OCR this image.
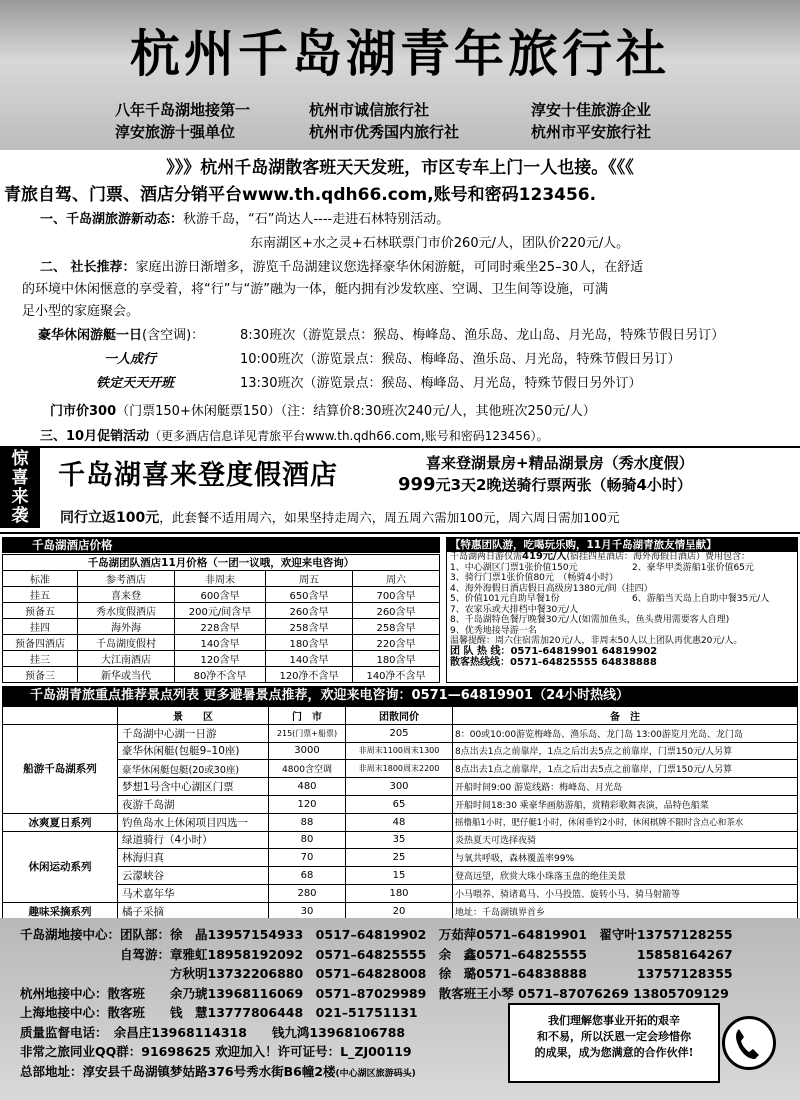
杭州千岛湖青年旅行社
八年千岛湖地接第一	杭州市诚信旅行社	淳安十佳旅游企业
淳安旅游十强单位	杭州市优秀国内旅行社	杭州市平安旅行社
》》》杭州千岛湖散客班天天发班，市区专车上门一人也接。《《《
青旅自驾、门票、酒店分销平台www.th.qdh66.com,账号和密码123456.
一、千岛湖旅游新动态：秋游千岛，“石”尚达人----走进石林特别活动。
东南湖区+水之灵+石林联票门市价260元/人，团队价220元/人。
二、 社长推荐：家庭出游日渐增多，游览千岛湖建议您选择豪华休闲游艇，可同时乘坐25–30人，在舒适
的环境中休闲惬意的享受着，将“行”与“游”融为一体，艇内拥有沙发软座、空调、卫生间等设施，可满
足小型的家庭聚会。
豪华休闲游艇一日(含空调)：	8:30班次（游览景点：猴岛、梅峰岛、渔乐岛、龙山岛、月光岛，特殊节假日另订）
一人成行	10:00班次（游览景点：猴岛、梅峰岛、渔乐岛、月光岛，特殊节假日另订）
铁定天天开班	13:30班次（游览景点：猴岛、梅峰岛、月光岛，特殊节假日另外订）
门市价300（门票150+休闲艇票150）（注：结算价8:30班次240元/人，其他班次250元/人）
三、10月促销活动（更多酒店信息详见青旅平台www.th.qdh66.com,账号和密码123456）。
惊
喜
来
袭
千岛湖喜来登度假酒店	喜来登湖景房+精品湖景房（秀水度假）
999元3天2晚送骑行票两张（畅骑4小时）
同行立返100元，此套餐不适用周六，如果坚持走周六，周五周六需加100元，周六周日需加100元
千岛湖酒店价格
千岛湖团队酒店11月价格（一团一议哦，欢迎来电咨询）				
标准	参考酒店	非周末	周五	周六
挂五	喜来登	600含早	650含早	700含早
预备五	秀水度假酒店	200元/间含早	260含早	260含早
挂四	海外海	228含早	258含早	258含早
预备四酒店	千岛湖度假村	140含早	180含早	220含早
挂三	大江南酒店	120含早	140含早	180含早
预备三	新华或当代	80净不含早	120净不含早	140净不含早
【特惠团队游，吃喝玩乐购，11月千岛湖青旅友情呈献】
千岛湖两日游仅需419元/人(宿挂四星酒店：海外海假日酒店）费用包含：
1、中心湖区门票1张价值150元	2、豪华甲类游船1张价值65元
3、骑行门票1张价值80元　（畅骑4小时）
4、海外海假日酒店假日高级房1380元/间（挂四）
5、价值101元自助早餐1份	6、游船当天岛上自助中餐35元/人
7、农家乐或大排档中餐30元/人
8、千岛湖特色餐厅晚餐30元/人(如需加鱼头，鱼头费用需要客人自理)
9、优秀地接导游一名
温馨提醒：周六住宿需加20元/人，非周末50人以上团队再优惠20元/人。
团 队 热 线：0571-64819901 64819902
散客热线线：0571-64825555 64838888
千岛湖青旅重点推荐景点列表 更多避暑景点推荐，欢迎来电咨询：0571—64819901（24小时热线）
	景　　区	门　市	团散同价	备　注
船游千岛湖系列	千岛湖中心湖一日游	215(门票+船票)	205	8：00或10:00游览梅峰岛、渔乐岛、龙门岛 13:00游览月光岛、龙门岛
	豪华休闲艇(包艇9–10座)	3000	非周末1100周末1300	8点出去1点之前靠岸，1点之后出去5点之前靠岸，门票150元/人另算
	豪华休闲艇包艇(20或30座)	4800含空调	非周末1800周末2200	8点出去1点之前靠岸，1点之后出去5点之前靠岸，门票150元/人另算
	梦想1号含中心湖区门票	480	300	开船时间9:00 游览线路：梅峰岛、月光岛
	夜游千岛湖	120	65	开船时间18:30 乘豪华画舫游船，赏精彩歌舞表演，品特色船菜
冰爽夏日系列	钓鱼岛水上休闲项目四选一	88	48	摇橹船1小时，肥仔艇1小时，休闲垂钓2小时，休闲棋牌不限时含点心和茶水
休闲运动系列	绿道骑行（4小时）	80	35	炎热夏天可选择夜骑
	林海归真	70	25	与氧共呼吸，森林覆盖率99%
	云濛峡谷	68	15	登高远望，欣赏大珠小珠落玉盘的绝佳美景
	马术嘉年华	280	180	小马喂养、骑诸葛马、小马投篮、旋转小马、骑马射箭等
趣味采摘系列	橘子采摘	30	20	地址：千岛湖镇界首乡
千岛湖地接中心：团队部：徐　晶13957154933　0517–64819902　万茹萍0571–64819901　翟守叶13757128255
　　　　　　　　自驾游：章雅虹18958192092　0571–64825555　余　鑫0571–64825555　　　　15858164267
　　　　　　　　　　　　方秋明13732206880　0571–64828008　徐　璐0571–64838888　　　　13757128355
杭州地接中心：散客班　　余乃琥13968116069　0571–87029989　散客班王小琴 0571–87076269 13805709129
上海地接中心：散客班　　钱　慧13777806448　021–51751131
质量监督电话：　余昌庄13968114318　　钱九鸿13968106788
非常之旅同业QQ群：91698625 欢迎加入！许可证号：L_ZJ00119
总部地址：淳安县千岛湖镇梦姑路376号秀水街B6幢2楼(中心湖区旅游码头)
我们理解您事业开拓的艰辛
和不易，所以沃恩一定会珍惜你
的成果，成为您满意的合作伙伴!
